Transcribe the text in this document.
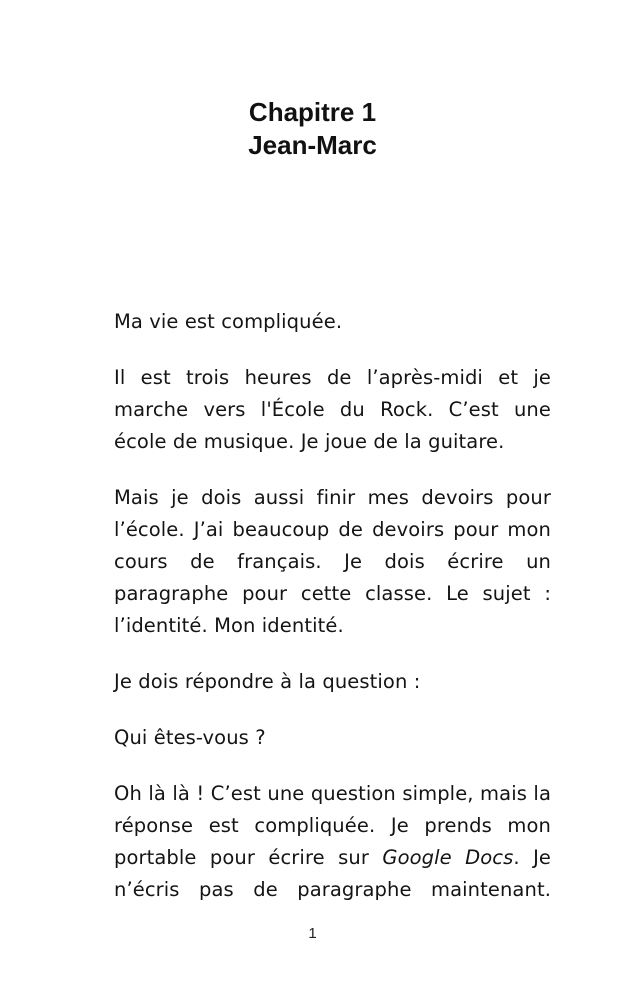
Chapitre 1
Jean-Marc

Ma vie est compliquée.

Il est trois heures de l’après-midi et je marche vers l'École du Rock. C’est une école de musique. Je joue de la guitare.

Mais je dois aussi finir mes devoirs pour l’école. J’ai beaucoup de devoirs pour mon cours de français. Je dois écrire un paragraphe pour cette classe. Le sujet : l’identité. Mon identité.

Je dois répondre à la question :

Qui êtes-vous ?

Oh là là ! C’est une question simple, mais la réponse est compliquée. Je prends mon portable pour écrire sur Google Docs. Je n’écris pas de paragraphe maintenant.

1
